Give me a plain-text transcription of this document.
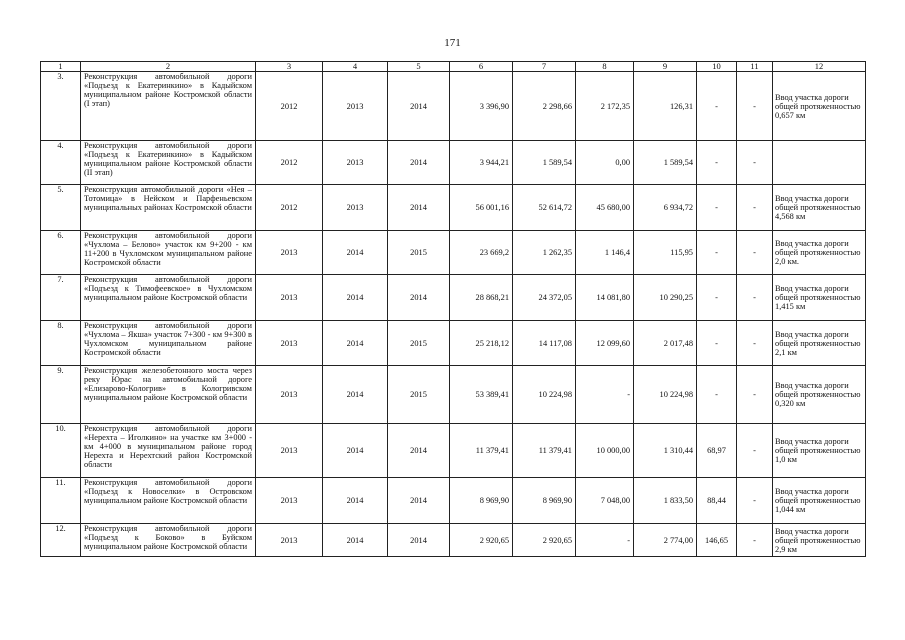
171
1	2	3	4	5	6	7	8	9	10	11	12
3.	Реконструкция автомобильной дороги «Подъезд к Екатеринкино» в Кадыйском муниципальном районе Костромской области (I этап)	2012	2013	2014	3 396,90	2 298,66	2 172,35	126,31	-	-	Ввод участка дороги общей протяженностью 0,657 км
4.	Реконструкция автомобильной дороги «Подъезд к Екатеринкино» в Кадыйском муниципальном районе Костромской области (II этап)	2012	2013	2014	3 944,21	1 589,54	0,00	1 589,54	-	-	
5.	Реконструкция автомобильной дороги «Нея – Тотомица» в Нейском и Парфеньевском муниципальных районах Костромской области	2012	2013	2014	56 001,16	52 614,72	45 680,00	6 934,72	-	-	Ввод участка дороги общей протяженностью 4,568 км
6.	Реконструкция автомобильной дороги «Чухлома – Белово» участок км 9+200 - км 11+200 в Чухломском муниципальном районе Костромской области	2013	2014	2015	23 669,2	1 262,35	1 146,4	115,95	-	-	Ввод участка дороги общей протяженностью 2,0 км.
7.	Реконструкция автомобильной дороги «Подъезд к Тимофеевское» в Чухломском муниципальном районе Костромской области	2013	2014	2014	28 868,21	24 372,05	14 081,80	10 290,25	-	-	Ввод участка дороги общей протяженностью 1,415 км
8.	Реконструкция автомобильной дороги «Чухлома – Якша» участок 7+300 - км 9+300 в Чухломском муниципальном районе Костромской области	2013	2014	2015	25 218,12	14 117,08	12 099,60	2 017,48	-	-	Ввод участка дороги общей протяженностью 2,1 км
9.	Реконструкция железобетонного моста через реку Юрас на автомобильной дороге «Елизарово-Кологрив» в Кологривском муниципальном районе Костромской области	2013	2014	2015	53 389,41	10 224,98	-	10 224,98	-	-	Ввод участка дороги общей протяженностью 0,320 км
10.	Реконструкция автомобильной дороги «Нерехта – Иголкино» на участке км 3+000 - км 4+000 в муниципальном районе город Нерехта и Нерехтский район Костромской области	2013	2014	2014	11 379,41	11 379,41	10 000,00	1 310,44	68,97	-	Ввод участка дороги общей протяженностью 1,0 км
11.	Реконструкция автомобильной дороги «Подъезд к Новоселки» в Островском муниципальном районе Костромской области	2013	2014	2014	8 969,90	8 969,90	7 048,00	1 833,50	88,44	-	Ввод участка дороги общей протяженностью 1,044 км
12.	Реконструкция автомобильной дороги «Подъезд к Боково» в Буйском муниципальном районе Костромской области	2013	2014	2014	2 920,65	2 920,65	-	2 774,00	146,65	-	Ввод участка дороги общей протяженностью 2,9 км
